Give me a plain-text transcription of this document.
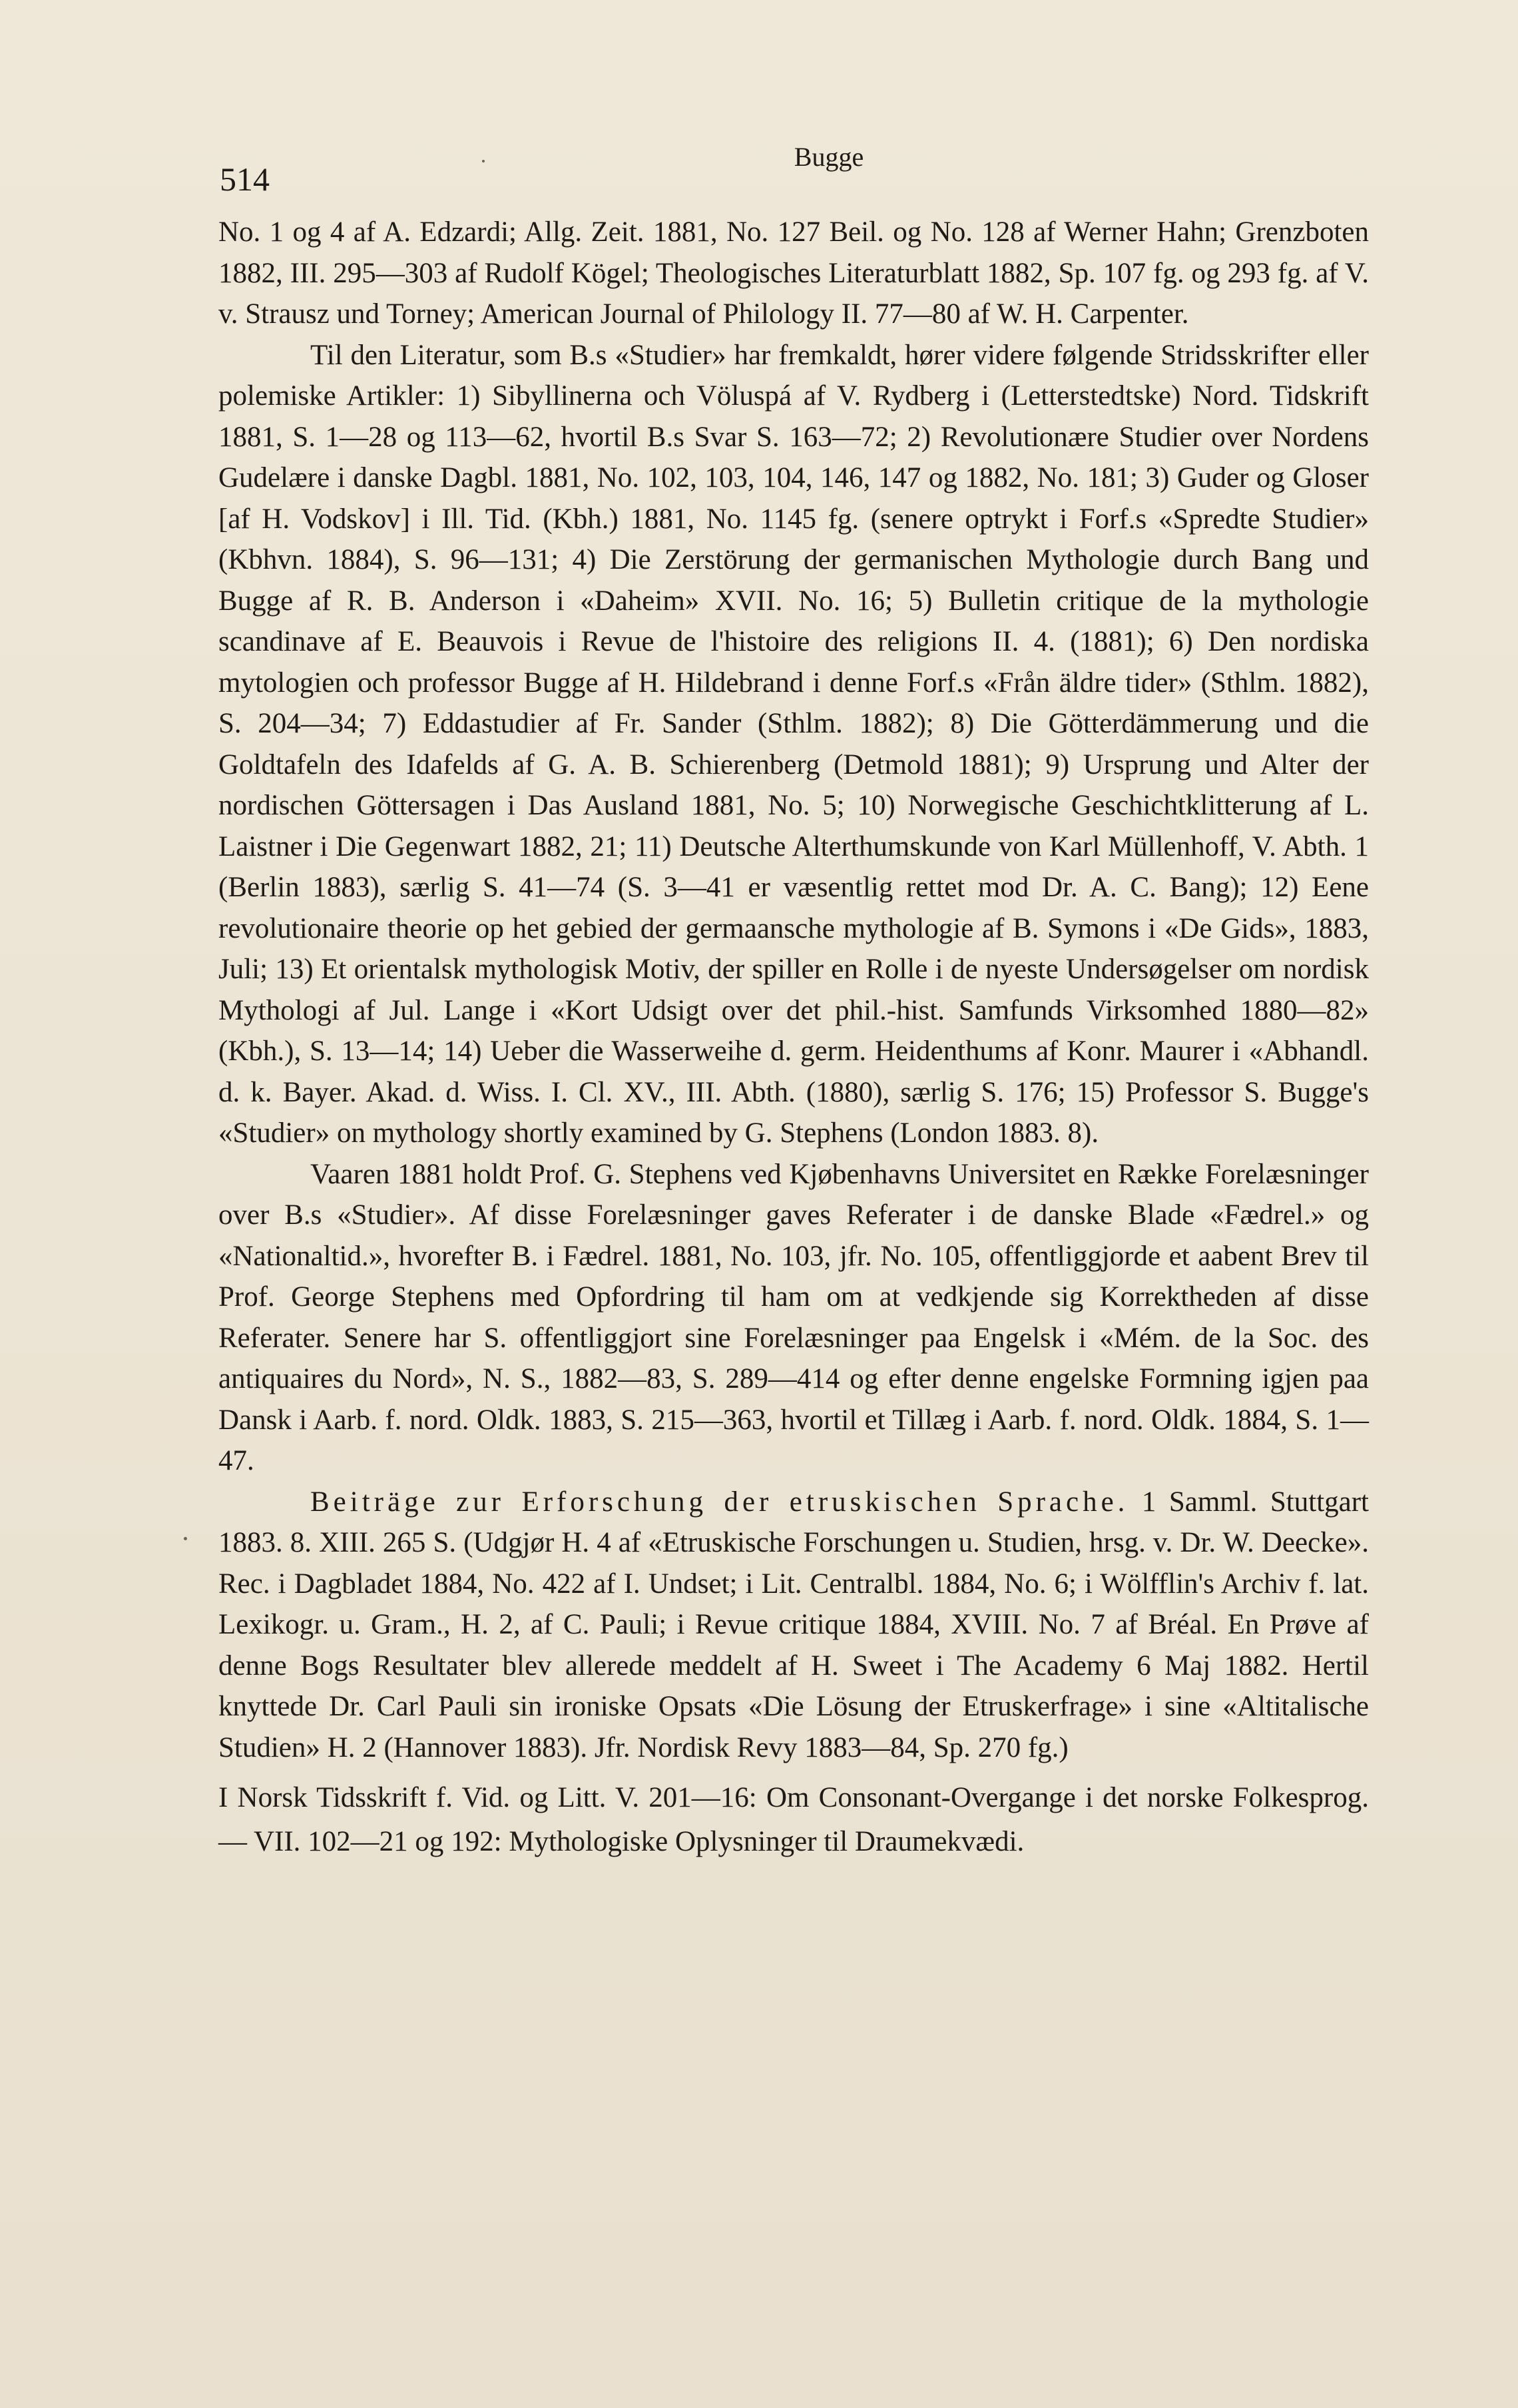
514
Bugge

No. 1 og 4 af A. Edzardi; Allg. Zeit. 1881, No. 127 Beil. og No. 128 af Werner Hahn; Grenzboten 1882, III. 295—303 af Rudolf Kögel; Theologisches Literaturblatt 1882, Sp. 107 fg. og 293 fg. af V. v. Strausz und Torney; American Journal of Philology II. 77—80 af W. H. Carpenter.

Til den Literatur, som B.s «Studier» har fremkaldt, hører videre følgende Stridsskrifter eller polemiske Artikler: 1) Sibyllinerna och Völuspá af V. Rydberg i (Letterstedtske) Nord. Tidskrift 1881, S. 1—28 og 113—62, hvortil B.s Svar S. 163—72; 2) Revolutionære Studier over Nordens Gudelære i danske Dagbl. 1881, No. 102, 103, 104, 146, 147 og 1882, No. 181; 3) Guder og Gloser [af H. Vodskov] i Ill. Tid. (Kbh.) 1881, No. 1145 fg. (senere optrykt i Forf.s «Spredte Studier» (Kbhvn. 1884), S. 96—131; 4) Die Zerstörung der germanischen Mythologie durch Bang und Bugge af R. B. Anderson i «Daheim» XVII. No. 16; 5) Bulletin critique de la mythologie scandinave af E. Beauvois i Revue de l'histoire des religions II. 4. (1881); 6) Den nordiska mytologien och professor Bugge af H. Hildebrand i denne Forf.s «Från äldre tider» (Sthlm. 1882), S. 204—34; 7) Eddastudier af Fr. Sander (Sthlm. 1882); 8) Die Götterdämmerung und die Goldtafeln des Idafelds af G. A. B. Schierenberg (Detmold 1881); 9) Ursprung und Alter der nordischen Göttersagen i Das Ausland 1881, No. 5; 10) Norwegische Geschichtklitterung af L. Laistner i Die Gegenwart 1882, 21; 11) Deutsche Alterthumskunde von Karl Müllenhoff, V. Abth. 1 (Berlin 1883), særlig S. 41—74 (S. 3—41 er væsentlig rettet mod Dr. A. C. Bang); 12) Eene revolutionaire theorie op het gebied der germaansche mythologie af B. Symons i «De Gids», 1883, Juli; 13) Et orientalsk mythologisk Motiv, der spiller en Rolle i de nyeste Undersøgelser om nordisk Mythologi af Jul. Lange i «Kort Udsigt over det phil.-hist. Samfunds Virksomhed 1880—82» (Kbh.), S. 13—14; 14) Ueber die Wasserweihe d. germ. Heidenthums af Konr. Maurer i «Abhandl. d. k. Bayer. Akad. d. Wiss. I. Cl. XV., III. Abth. (1880), særlig S. 176; 15) Professor S. Bugge's «Studier» on mythology shortly examined by G. Stephens (London 1883. 8).

Vaaren 1881 holdt Prof. G. Stephens ved Kjøbenhavns Universitet en Række Forelæsninger over B.s «Studier». Af disse Forelæsninger gaves Referater i de danske Blade «Fædrel.» og «Nationaltid.», hvorefter B. i Fædrel. 1881, No. 103, jfr. No. 105, offentliggjorde et aabent Brev til Prof. George Stephens med Opfordring til ham om at vedkjende sig Korrektheden af disse Referater. Senere har S. offentliggjort sine Forelæsninger paa Engelsk i «Mém. de la Soc. des antiquaires du Nord», N. S., 1882—83, S. 289—414 og efter denne engelske Formning igjen paa Dansk i Aarb. f. nord. Oldk. 1883, S. 215—363, hvortil et Tillæg i Aarb. f. nord. Oldk. 1884, S. 1—47.

Beiträge zur Erforschung der etruskischen Sprache. 1 Samml. Stuttgart 1883. 8. XIII. 265 S. (Udgjør H. 4 af «Etruskische Forschungen u. Studien, hrsg. v. Dr. W. Deecke». Rec. i Dagbladet 1884, No. 422 af I. Undset; i Lit. Centralbl. 1884, No. 6; i Wölfflin's Archiv f. lat. Lexikogr. u. Gram., H. 2, af C. Pauli; i Revue critique 1884, XVIII. No. 7 af Bréal. En Prøve af denne Bogs Resultater blev allerede meddelt af H. Sweet i The Academy 6 Maj 1882. Hertil knyttede Dr. Carl Pauli sin ironiske Opsats «Die Lösung der Etruskerfrage» i sine «Altitalische Studien» H. 2 (Hannover 1883). Jfr. Nordisk Revy 1883—84, Sp. 270 fg.)

I Norsk Tidsskrift f. Vid. og Litt. V. 201—16: Om Consonant-Overgange i det norske Folkesprog. — VII. 102—21 og 192: Mythologiske Oplysninger til Draumekvædi.
